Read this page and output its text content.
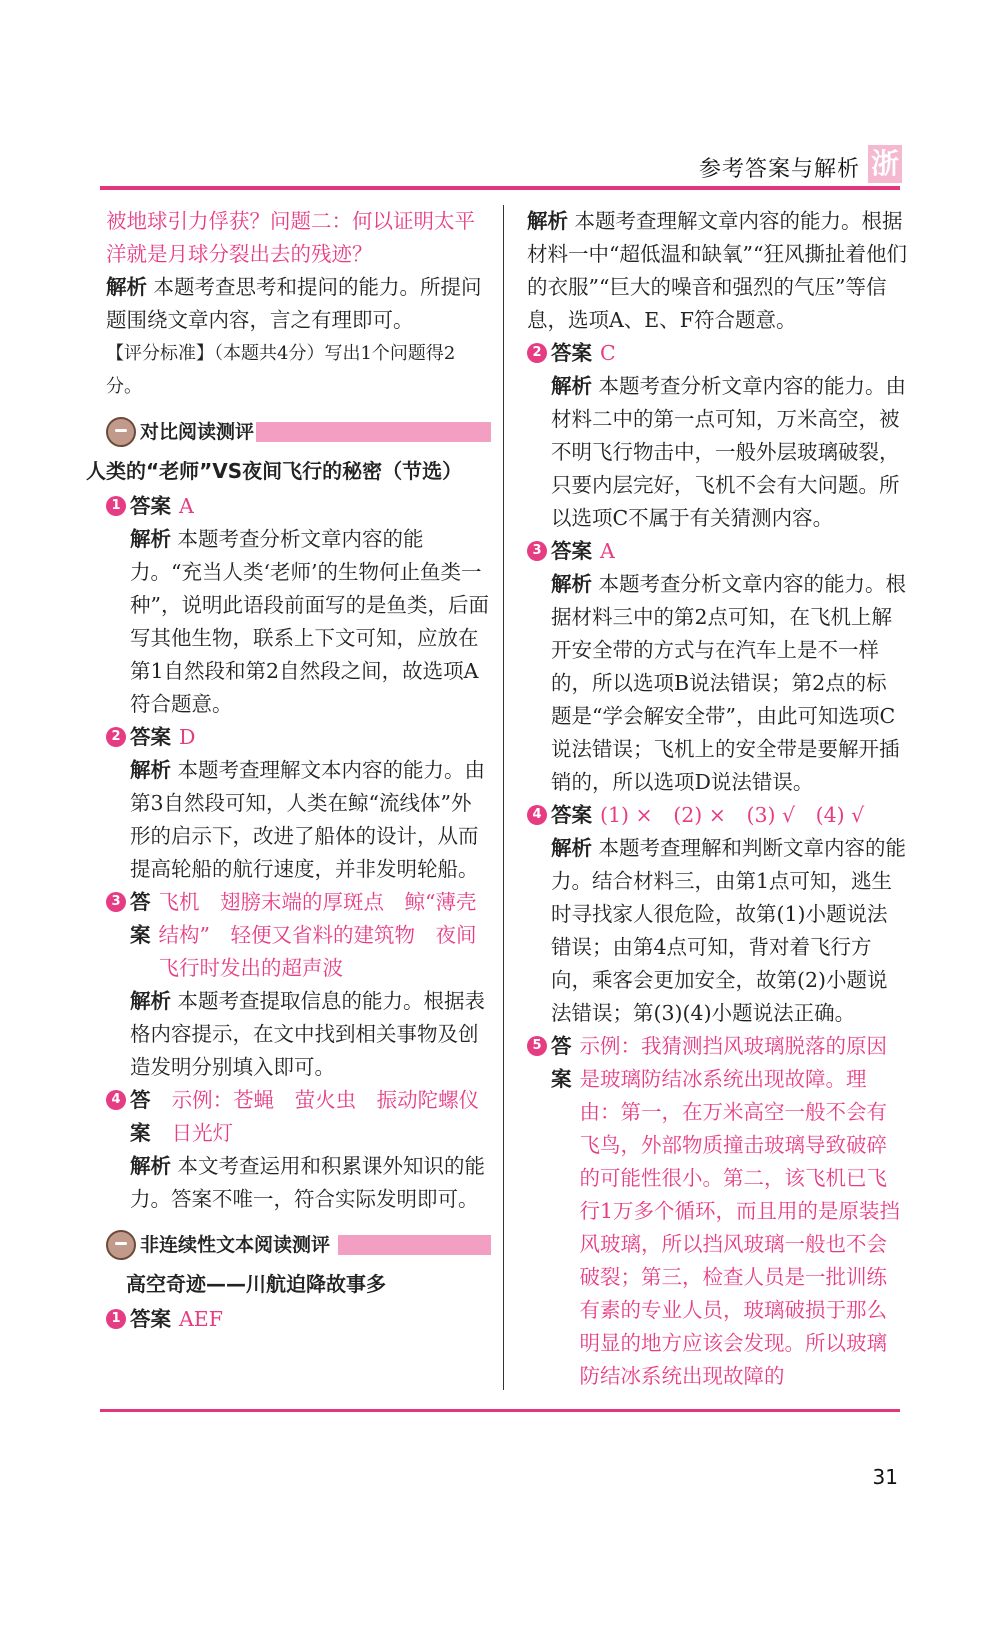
参考答案与解析 浙

被地球引力俘获？问题二：何以证明太平洋就是月球分裂出去的残迹？

解析 本题考查思考和提问的能力。所提问题围绕文章内容，言之有理即可。

【评分标准】（本题共4分）写出1个问题得2分。

对比阅读测评
人类的“老师”VS夜间飞行的秘密（节选）
1 答案 A

解析 本题考查分析文章内容的能力。“充当人类‘老师’的生物何止鱼类一种”，说明此语段前面写的是鱼类，后面写其他生物，联系上下文可知，应放在第1自然段和第2自然段之间，故选项A符合题意。

2 答案 D

解析 本题考查理解文本内容的能力。由第3自然段可知，人类在鲸“流线体”外形的启示下，改进了船体的设计，从而提高轮船的航行速度，并非发明轮船。

3 答案
飞机　翅膀末端的厚斑点　鲸“薄壳结构”　轻便又省料的建筑物　夜间飞行时发出的超声波

解析 本题考查提取信息的能力。根据表格内容提示，在文中找到相关事物及创造发明分别填入即可。

4 答案
示例：苍蝇　萤火虫　振动陀螺仪　日光灯

解析 本文考查运用和积累课外知识的能力。答案不唯一，符合实际发明即可。

非连续性文本阅读测评
高空奇迹——川航迫降故事多
1 答案 AEF

解析 本题考查理解文章内容的能力。根据材料一中“超低温和缺氧”“狂风撕扯着他们的衣服”“巨大的噪音和强烈的气压”等信息，选项A、E、F符合题意。

2 答案 C

解析 本题考查分析文章内容的能力。由材料二中的第一点可知，万米高空，被不明飞行物击中，一般外层玻璃破裂，只要内层完好，飞机不会有大问题。所以选项C不属于有关猜测内容。

3 答案 A

解析 本题考查分析文章内容的能力。根据材料三中的第2点可知，在飞机上解开安全带的方式与在汽车上是不一样的，所以选项B说法错误；第2点的标题是“学会解安全带”，由此可知选项C说法错误；飞机上的安全带是要解开插销的，所以选项D说法错误。

4 答案 (1) ×　(2) ×　(3) √　(4) √

解析 本题考查理解和判断文章内容的能力。结合材料三，由第1点可知，逃生时寻找家人很危险，故第(1)小题说法错误；由第4点可知，背对着飞行方向，乘客会更加安全，故第(2)小题说法错误；第(3)(4)小题说法正确。

5 答案
示例：我猜测挡风玻璃脱落的原因是玻璃防结冰系统出现故障。理由：第一，在万米高空一般不会有飞鸟，外部物质撞击玻璃导致破碎的可能性很小。第二，该飞机已飞行1万多个循环，而且用的是原装挡风玻璃，所以挡风玻璃一般也不会破裂；第三，检查人员是一批训练有素的专业人员，玻璃破损于那么明显的地方应该会发现。所以玻璃防结冰系统出现故障的
31
